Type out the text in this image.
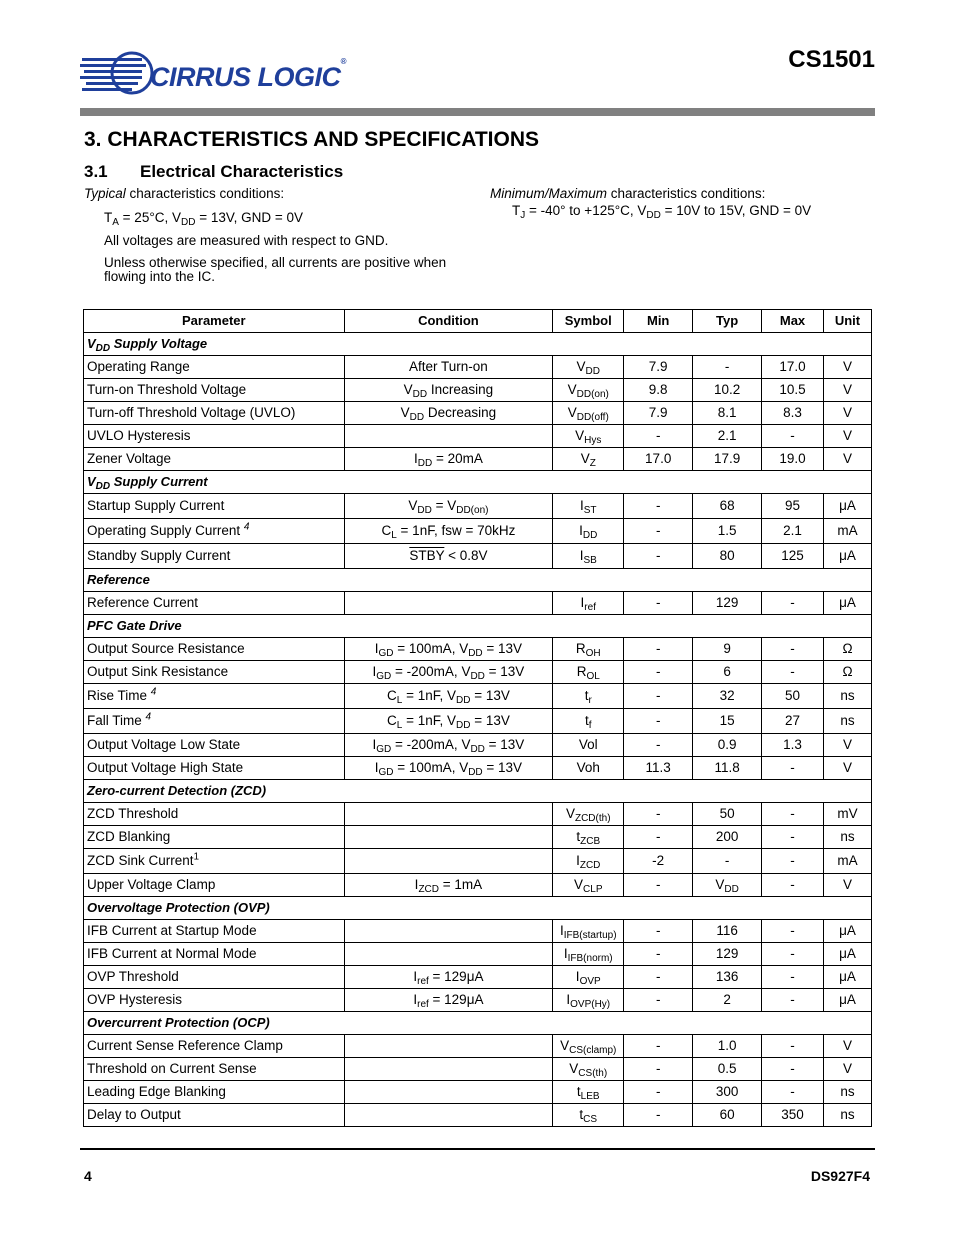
CIRRUS LOGIC®	CS1501
3. CHARACTERISTICS AND SPECIFICATIONS
3.1 Electrical Characteristics
Typical characteristics conditions:
$T_A = 25^\circ C$, $V_{DD} = 13V$, GND = 0V
All voltages are measured with respect to GND.
Unless otherwise specified, all currents are positive when
flowing into the IC.
Minimum/Maximum characteristics conditions:
$T_J = -40^\circ$ to +125°C, $V_{DD} = 10V$ to 15V, GND = 0V
Parameter	Condition	Symbol	Min	Typ	Max	Unit
$V_{DD}$ Supply Voltage						
Operating Range	After Turn-on	$V_{DD}$	7.9	-	17.0	V
Turn-on Threshold Voltage	$V_{DD}$ Increasing	$V_{DD(on)}$	9.8	10.2	10.5	V
Turn-off Threshold Voltage (UVLO)	$V_{DD}$ Decreasing	$V_{DD(off)}$	7.9	8.1	8.3	V
UVLO Hysteresis		$V_{Hys}$	-	2.1	-	V
Zener Voltage	$I_{DD} = 20mA$	$V_Z$	17.0	17.9	19.0	V
$V_{DD}$ Supply Current						
Startup Supply Current	$V_{DD} = V_{DD(on)}$	$I_{ST}$	-	68	95	μA
Operating Supply Current $^4$	$C_L = 1nF$, fsw = 70kHz	$I_{DD}$	-	1.5	2.1	mA
Standby Supply Current	STBY < 0.8V	$I_{SB}$	-	80	125	μA
Reference						
Reference Current		$I_{ref}$	-	129	-	μA
PFC Gate Drive						
Output Source Resistance	$I_{GD} = 100mA$, $V_{DD} = 13V$	$R_{OH}$	-	9	-	Ω
Output Sink Resistance	$I_{GD} = -200mA$, $V_{DD} = 13V$	$R_{OL}$	-	6	-	Ω
Rise Time $^4$	$C_L = 1nF$, $V_{DD} = 13V$	$t_r$	-	32	50	ns
Fall Time $^4$	$C_L = 1nF$, $V_{DD} = 13V$	$t_f$	-	15	27	ns
Output Voltage Low State	$I_{GD} = -200mA$, $V_{DD} = 13V$	Vol	-	0.9	1.3	V
Output Voltage High State	$I_{GD} = 100mA$, $V_{DD} = 13V$	Voh	11.3	11.8	-	V
Zero-current Detection (ZCD)						
ZCD Threshold		$V_{ZCD(th)}$	-	50	-	mV
ZCD Blanking		$t_{ZCB}$	-	200	-	ns
ZCD Sink Current$^1$		$I_{ZCD}$	-2	-	-	mA
Upper Voltage Clamp	$I_{ZCD} = 1mA$	$V_{CLP}$	-	$V_{DD}$	-	V
Overvoltage Protection (OVP)						
IFB Current at Startup Mode		$I_{IFB(startup)}$	-	116	-	μA
IFB Current at Normal Mode		$I_{IFB(norm)}$	-	129	-	μA
OVP Threshold	$I_{ref} = 129\mu A$	$I_{OVP}$	-	136	-	μA
OVP Hysteresis	$I_{ref} = 129\mu A$	$I_{OVP(Hy)}$	-	2	-	μA
Overcurrent Protection (OCP)						
Current Sense Reference Clamp		$V_{CS(clamp)}$	-	1.0	-	V
Threshold on Current Sense		$V_{CS(th)}$	-	0.5	-	V
Leading Edge Blanking		$t_{LEB}$	-	300	-	ns
Delay to Output		$t_{CS}$	-	60	350	ns
4	DS927F4
